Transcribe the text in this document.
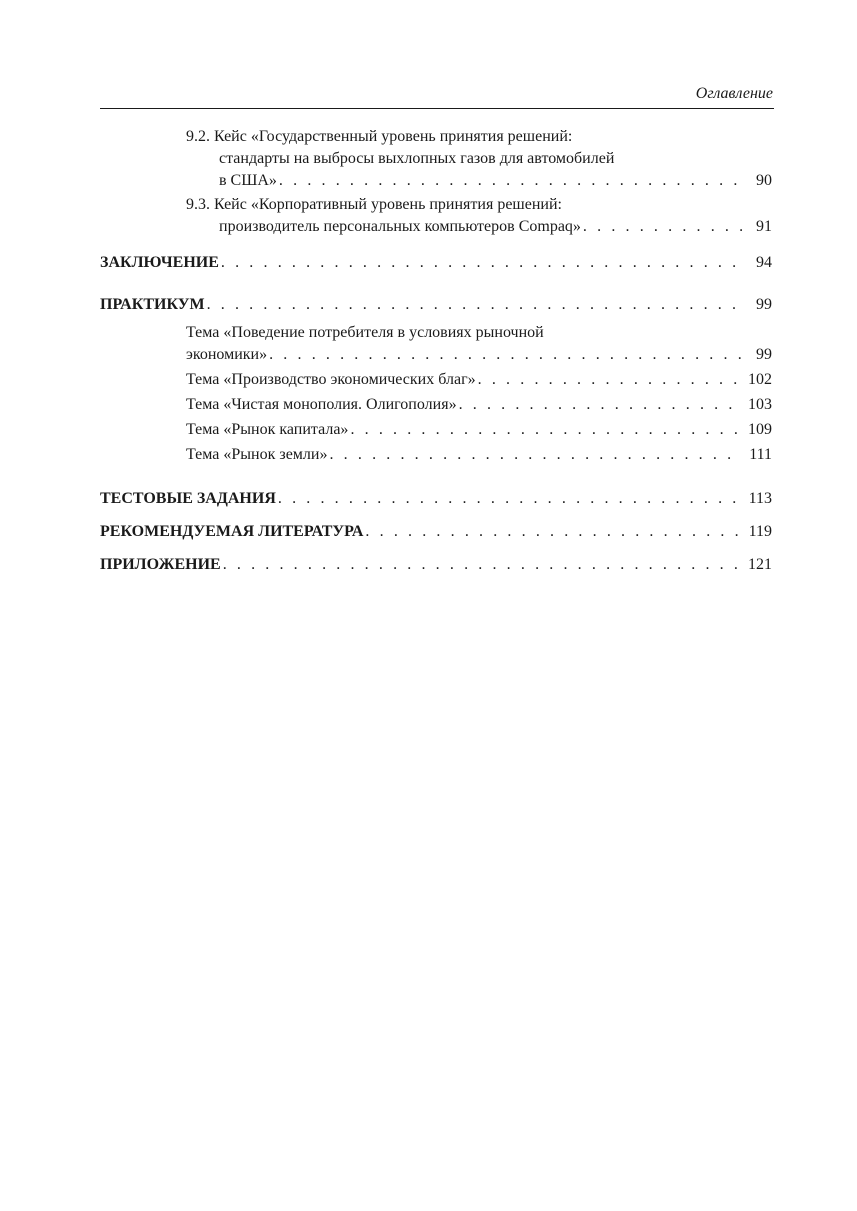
Оглавление
9.2. Кейс «Государственный уровень принятия решений:
стандарты на выбросы выхлопных газов для автомобилей
в США» . . .	90
9.3. Кейс «Корпоративный уровень принятия решений:
производитель персональных компьютеров Compaq» . . .	91
ЗАКЛЮЧЕНИЕ . . .	94
ПРАКТИКУМ . . .	99
Тема «Поведение потребителя в условиях рыночной
экономики» . . .	99
Тема «Производство экономических благ» . . .	102
Тема «Чистая монополия. Олигополия» . . .	103
Тема «Рынок капитала» . . .	109
Тема «Рынок земли» . . .	111
ТЕСТОВЫЕ ЗАДАНИЯ . . .	113
РЕКОМЕНДУЕМАЯ ЛИТЕРАТУРА . . .	119
ПРИЛОЖЕНИЕ . . .	121
